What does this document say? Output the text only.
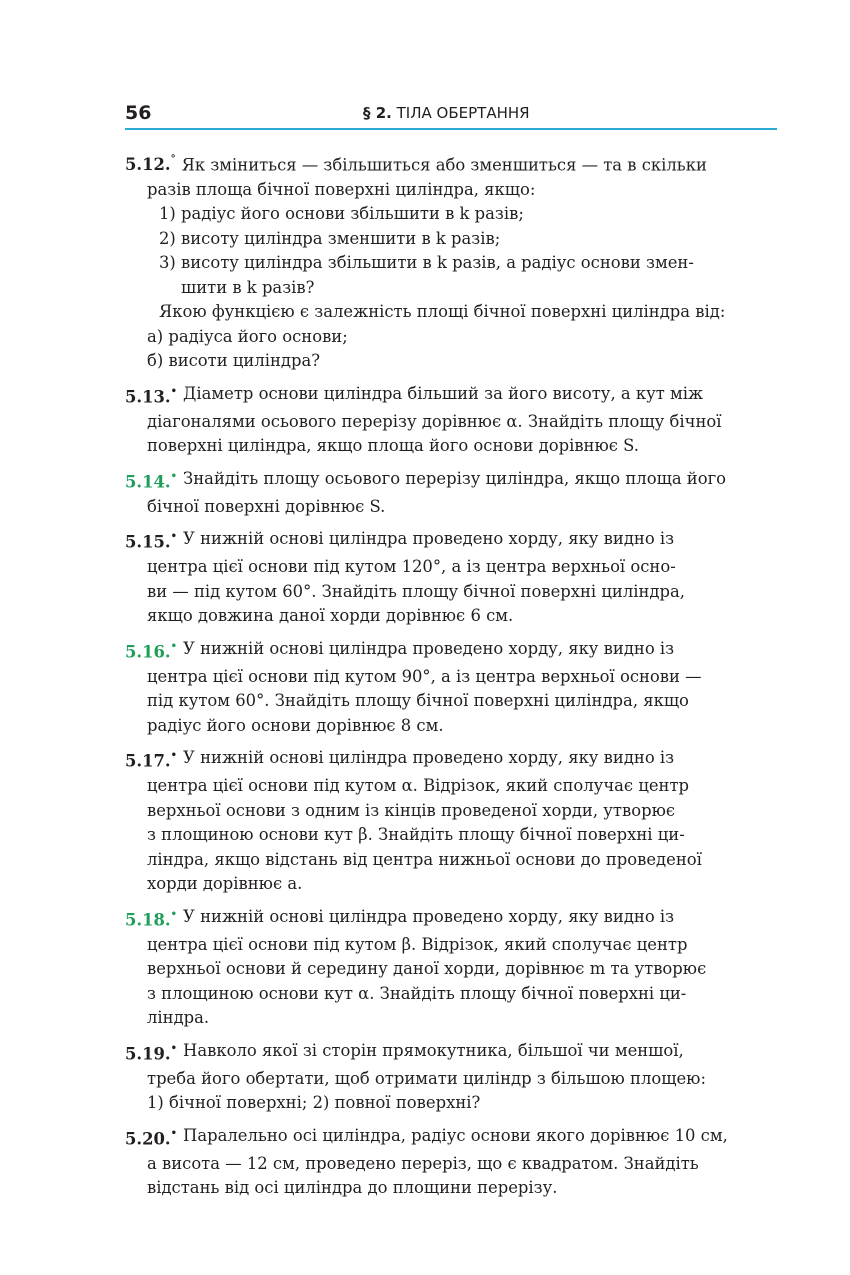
56	§ 2. ТІЛА ОБЕРТАННЯ
5.12.° Як зміниться — збільшиться або зменшиться — та в скільки
разів площа бічної поверхні циліндра, якщо:
1) радіус його основи збільшити в k разів;
2) висоту циліндра зменшити в k разів;
3) висоту циліндра збільшити в k разів, а радіус основи змен-
шити в k разів?
Якою функцією є залежність площі бічної поверхні циліндра від:
а) радіуса його основи;
б) висоти циліндра?
5.13.• Діаметр основи циліндра більший за його висоту, а кут між
діагоналями осьового перерізу дорівнює α. Знайдіть площу бічної
поверхні циліндра, якщо площа його основи дорівнює S.
5.14.• Знайдіть площу осьового перерізу циліндра, якщо площа його
бічної поверхні дорівнює S.
5.15.• У нижній основі циліндра проведено хорду, яку видно із
центра цієї основи під кутом 120°, а із центра верхньої осно-
ви — під кутом 60°. Знайдіть площу бічної поверхні циліндра,
якщо довжина даної хорди дорівнює 6 см.
5.16.• У нижній основі циліндра проведено хорду, яку видно із
центра цієї основи під кутом 90°, а із центра верхньої основи —
під кутом 60°. Знайдіть площу бічної поверхні циліндра, якщо
радіус його основи дорівнює 8 см.
5.17.• У нижній основі циліндра проведено хорду, яку видно із
центра цієї основи під кутом α. Відрізок, який сполучає центр
верхньої основи з одним із кінців проведеної хорди, утворює
з площиною основи кут β. Знайдіть площу бічної поверхні ци-
ліндра, якщо відстань від центра нижньої основи до проведеної
хорди дорівнює a.
5.18.• У нижній основі циліндра проведено хорду, яку видно із
центра цієї основи під кутом β. Відрізок, який сполучає центр
верхньої основи й середину даної хорди, дорівнює m та утворює
з площиною основи кут α. Знайдіть площу бічної поверхні ци-
ліндра.
5.19.• Навколо якої зі сторін прямокутника, більшої чи меншої,
треба його обертати, щоб отримати циліндр з більшою площею:
1) бічної поверхні; 2) повної поверхні?
5.20.• Паралельно осі циліндра, радіус основи якого дорівнює 10 см,
а висота — 12 см, проведено переріз, що є квадратом. Знайдіть
відстань від осі циліндра до площини перерізу.
